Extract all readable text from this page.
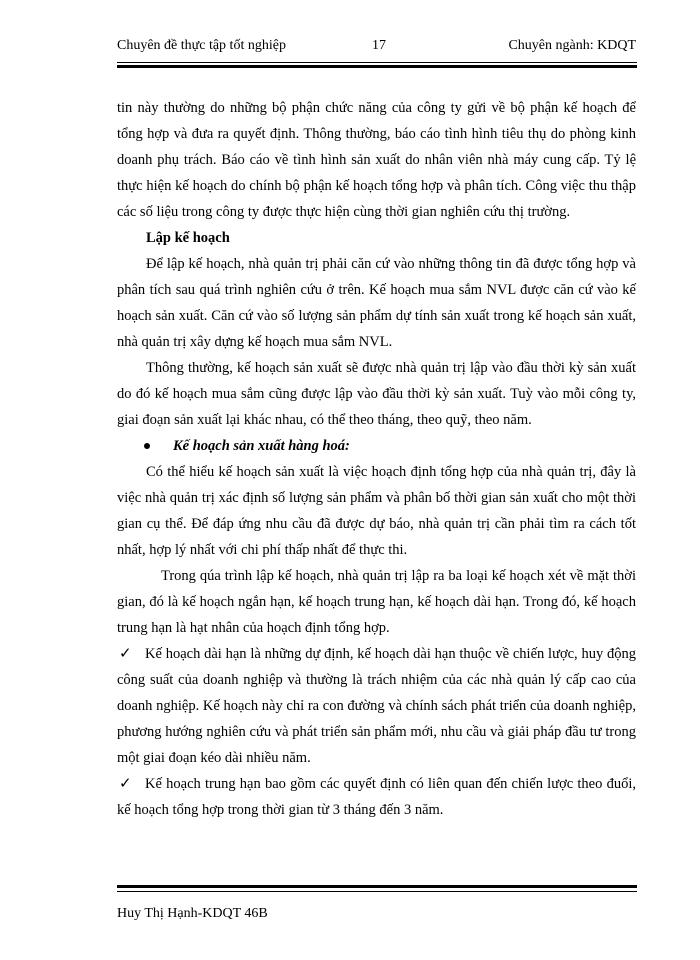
Chuyên đề thực tập tốt nghiệp	17	Chuyên ngành: KDQT

tin này thường do những bộ phận chức năng của công ty gửi về bộ phận kế hoạch để tổng hợp và đưa ra quyết định. Thông thường, báo cáo tình hình tiêu thụ do phòng kinh doanh phụ trách. Báo cáo về tình hình sản xuất do nhân viên nhà máy cung cấp. Tỷ lệ thực hiện kế hoạch do chính bộ phận kế hoạch tổng hợp và phân tích. Công việc thu thập các số liệu trong công ty được thực hiện cùng thời gian nghiên cứu thị trường.

Lập kế hoạch

Để lập kế hoạch, nhà quản trị phải căn cứ vào những thông tin đã được tổng hợp và phân tích sau quá trình nghiên cứu ở trên. Kế hoạch mua sắm NVL được căn cứ vào kế hoạch sản xuất. Căn cứ vào số lượng sản phẩm dự tính sản xuất trong kế hoạch sản xuất, nhà quản trị xây dựng kế hoạch mua sắm NVL.

Thông thường, kế hoạch sản xuất sẽ được nhà quản trị lập vào đầu thời kỳ sản xuất do đó kế hoạch mua sắm cũng được lập vào đầu thời kỳ sản xuất. Tuỳ vào mỗi công ty, giai đoạn sản xuất lại khác nhau, có thể theo tháng, theo quỹ, theo năm.

Kế hoạch sản xuất hàng hoá:

Có thể hiểu kế hoạch sản xuất là việc hoạch định tổng hợp của nhà quản trị, đây là việc nhà quản trị xác định số lượng sản phẩm và phân bố thời gian sản xuất cho một thời gian cụ thể. Để đáp ứng nhu cầu đã được dự báo, nhà quản trị cần phải tìm ra cách tốt nhất, hợp lý nhất với chi phí thấp nhất để thực thi.

Trong qúa trình lập kế hoạch, nhà quản trị lập ra ba loại kế hoạch xét về mặt thời gian, đó là kế hoạch ngắn hạn, kế hoạch trung hạn, kế hoạch dài hạn. Trong đó, kế hoạch trung hạn là hạt nhân của hoạch định tổng hợp.

✓ Kế hoạch dài hạn là những dự định, kế hoạch dài hạn thuộc về chiến lược, huy động công suất của doanh nghiệp và thường là trách nhiệm của các nhà quản lý cấp cao của doanh nghiệp. Kế hoạch này chỉ ra con đường và chính sách phát triển của doanh nghiệp, phương hướng nghiên cứu và phát triển sản phẩm mới, nhu cầu và giải pháp đầu tư trong một giai đoạn kéo dài nhiều năm.

✓ Kế hoạch trung hạn bao gồm các quyết định có liên quan đến chiến lược theo đuổi, kế hoạch tổng hợp trong thời gian từ 3 tháng đến 3 năm.

Huy Thị Hạnh-KDQT 46B
